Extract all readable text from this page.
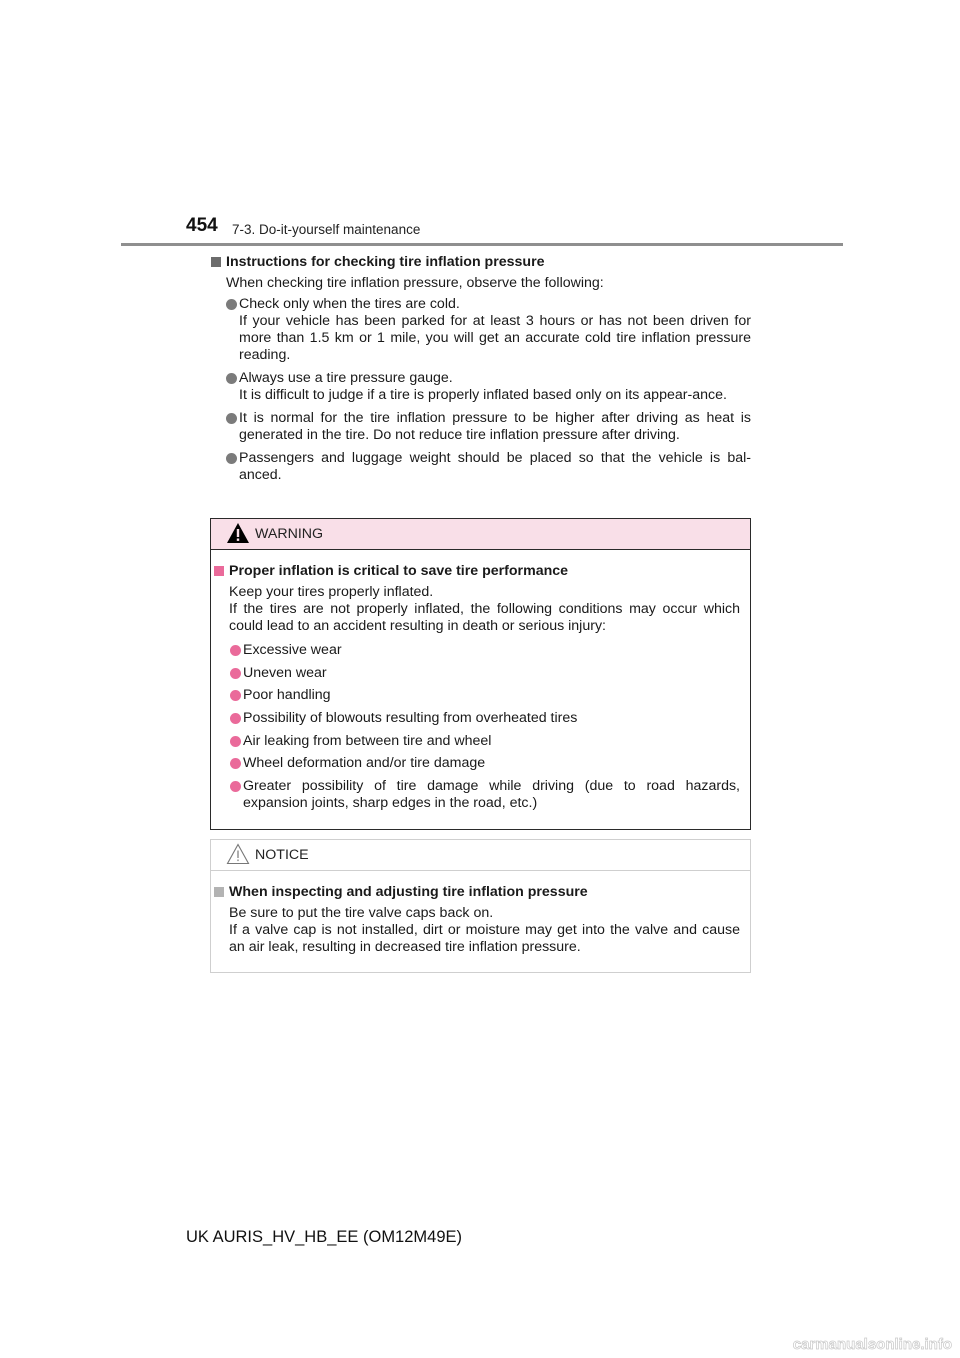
454 7-3. Do-it-yourself maintenance

Instructions for checking tire inflation pressure

When checking tire inflation pressure, observe the following:

Check only when the tires are cold.
If your vehicle has been parked for at least 3 hours or has not been driven for more than 1.5 km or 1 mile, you will get an accurate cold tire inflation pressure reading.
Always use a tire pressure gauge.
It is difficult to judge if a tire is properly inflated based only on its appear-ance.
It is normal for the tire inflation pressure to be higher after driving as heat is generated in the tire. Do not reduce tire inflation pressure after driving.
Passengers and luggage weight should be placed so that the vehicle is bal-anced.
WARNING

Proper inflation is critical to save tire performance

Keep your tires properly inflated.
If the tires are not properly inflated, the following conditions may occur which could lead to an accident resulting in death or serious injury:

Excessive wear
Uneven wear
Poor handling
Possibility of blowouts resulting from overheated tires
Air leaking from between tire and wheel
Wheel deformation and/or tire damage
Greater possibility of tire damage while driving (due to road hazards, expansion joints, sharp edges in the road, etc.)
NOTICE

When inspecting and adjusting tire inflation pressure

Be sure to put the tire valve caps back on.
If a valve cap is not installed, dirt or moisture may get into the valve and cause an air leak, resulting in decreased tire inflation pressure.

UK AURIS_HV_HB_EE (OM12M49E)
carmanualsonline.info
